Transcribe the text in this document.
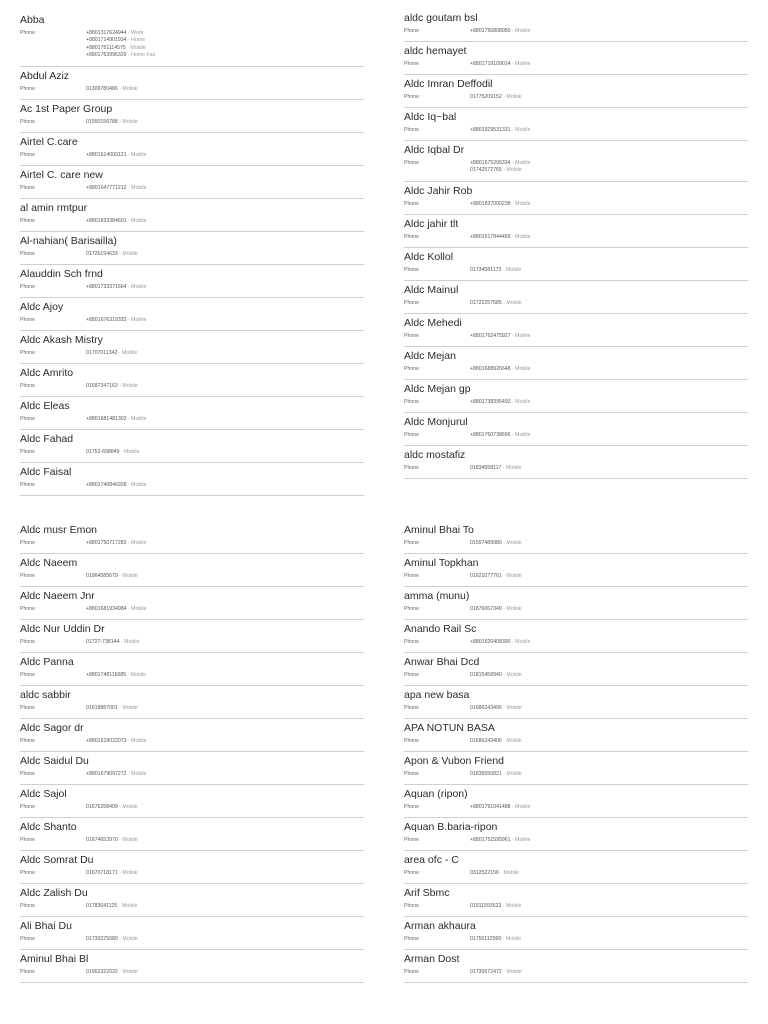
Abba
Phone	+8801317624944 · Work
+8801714901934 · Home
+8801751114575 · Mobile
+8801763996329 · Home Fax
Abdul Aziz
Phone	01309780486 · Mobile
Ac 1st Paper Group
Phone	01550156788 · Mobile
Airtel C.care
Phone	+8801614000121 · Mobile
Airtel C. care new
Phone	+8801647771212 · Mobile
al amin rmtpur
Phone	+8801833384601 · Mobile
Al-nahian( Barisailla)
Phone	01726194633 · Mobile
Alauddin Sch frnd
Phone	+8801733371664 · Mobile
Aldc Ajoy
Phone	+8801676319333 · Mobile
Aldc Akash Mistry
Phone	01707011342 · Mobile
Aldc Amrito
Phone	01687347163 · Mobile
Aldc Eleas
Phone	+8801681481303 · Mobile
Aldc Fahad
Phone	01752-698849 · Mobile
Aldc Faisal
Phone	+8801746846928 · Mobile
aldc goutam bsl
Phone	+8801750808050 · Mobile
aldc hemayet
Phone	+8801719109014 · Mobile
Aldc Imran Deffodil
Phone	01775209152 · Mobile
Aldc Iq~bal
Phone	+8801929531331 · Mobile
Aldc Iqbal Dr
Phone	+8801675206334 · Mobile
01742572765 · Mobile
Aldc Jahir Rob
Phone	+8801837000238 · Mobile
Aldc jahir tlt
Phone	+8801517844459 · Mobile
Aldc Kollol
Phone	01734581173 · Mobile
Aldc Mainul
Phone	01722257585 · Mobile
Aldc Mehedi
Phone	+8801762475927 · Mobile
Aldc Mejan
Phone	+8801688926648 · Mobile
Aldc Mejan gp
Phone	+8801738395493 · Mobile
Aldc Monjurul
Phone	+8801760738696 · Mobile
aldc mostafiz
Phone	01834558117 · Mobile
Aldc musr Emon
Phone	+8801750717283 · Mobile
Aldc Naeem
Phone	01964585679 · Mobile
Aldc Naeem Jnr
Phone	+8801681934984 · Mobile
Aldc Nur Uddin Dr
Phone	01727-738144 · Mobile
Aldc Panna
Phone	+8801748116685 · Mobile
aldc sabbir
Phone	01618887001 · Mobile
Aldc Sagor dr
Phone	+8801618022073 · Mobile
Aldc Saidul Du
Phone	+8801679097272 · Mobile
Aldc Sajol
Phone	01676258409 · Mobile
Aldc Shanto
Phone	01674653970 · Mobile
Aldc Somrat Du
Phone	01670718171 · Mobile
Aldc Zalish Du
Phone	01783041125 · Mobile
Ali Bhai Du
Phone	01733225080 · Mobile
Aminul Bhai Bl
Phone	01962322032 · Mobile
Aminul Bhai To
Phone	01557489980 · Mobile
Aminul Topkhan
Phone	01621077761 · Mobile
amma (munu)
Phone	01876067349 · Mobile
Anando Rail Sc
Phone	+8801620408390 · Mobile
Anwar Bhai Dcd
Phone	01815458940 · Mobile
apa new basa
Phone	01686243406 · Mobile
APA NOTUN BASA
Phone	01686243406 · Mobile
Apon & Vubon Friend
Phone	01836550821 · Mobile
Aquan (ripon)
Phone	+8801791041488 · Mobile
Aquan B.baria-ripon
Phone	+8801751595961 · Mobile
area ofc - C
Phone	0312522156 · Mobile
Arif Sbmc
Phone	01911593523 · Mobile
Arman akhaura
Phone	01750112990 · Mobile
Arman Dost
Phone	01736672472 · Mobile
